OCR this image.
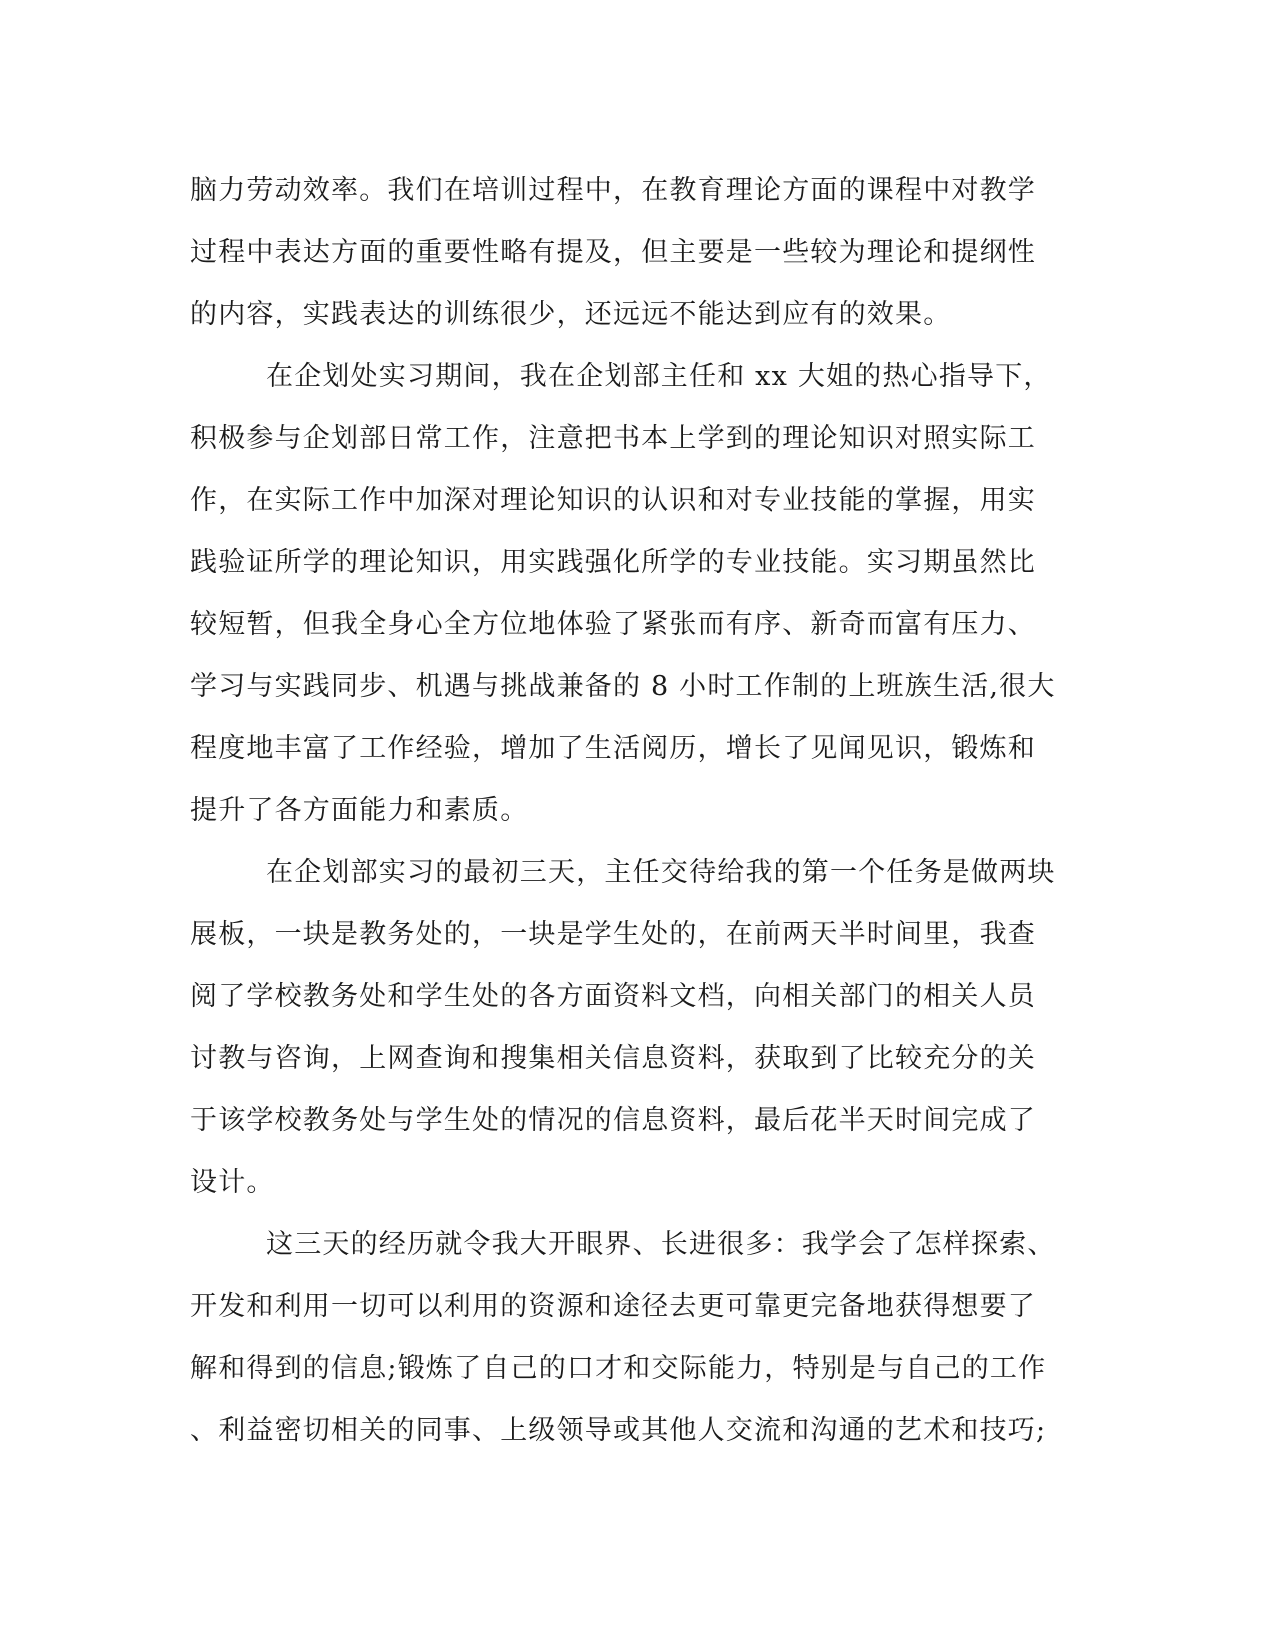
脑力劳动效率。我们在培训过程中，在教育理论方面的课程中对教学
过程中表达方面的重要性略有提及，但主要是一些较为理论和提纲性
的内容，实践表达的训练很少，还远远不能达到应有的效果。
在企划处实习期间，我在企划部主任和 xx 大姐的热心指导下，
积极参与企划部日常工作，注意把书本上学到的理论知识对照实际工
作，在实际工作中加深对理论知识的认识和对专业技能的掌握，用实
践验证所学的理论知识，用实践强化所学的专业技能。实习期虽然比
较短暂，但我全身心全方位地体验了紧张而有序、新奇而富有压力、
学习与实践同步、机遇与挑战兼备的 8 小时工作制的上班族生活,很大
程度地丰富了工作经验，增加了生活阅历，增长了见闻见识，锻炼和
提升了各方面能力和素质。
在企划部实习的最初三天，主任交待给我的第一个任务是做两块
展板，一块是教务处的，一块是学生处的，在前两天半时间里，我查
阅了学校教务处和学生处的各方面资料文档，向相关部门的相关人员
讨教与咨询，上网查询和搜集相关信息资料，获取到了比较充分的关
于该学校教务处与学生处的情况的信息资料，最后花半天时间完成了
设计。
这三天的经历就令我大开眼界、长进很多：我学会了怎样探索、
开发和利用一切可以利用的资源和途径去更可靠更完备地获得想要了
解和得到的信息;锻炼了自己的口才和交际能力，特别是与自己的工作
、利益密切相关的同事、上级领导或其他人交流和沟通的艺术和技巧;
